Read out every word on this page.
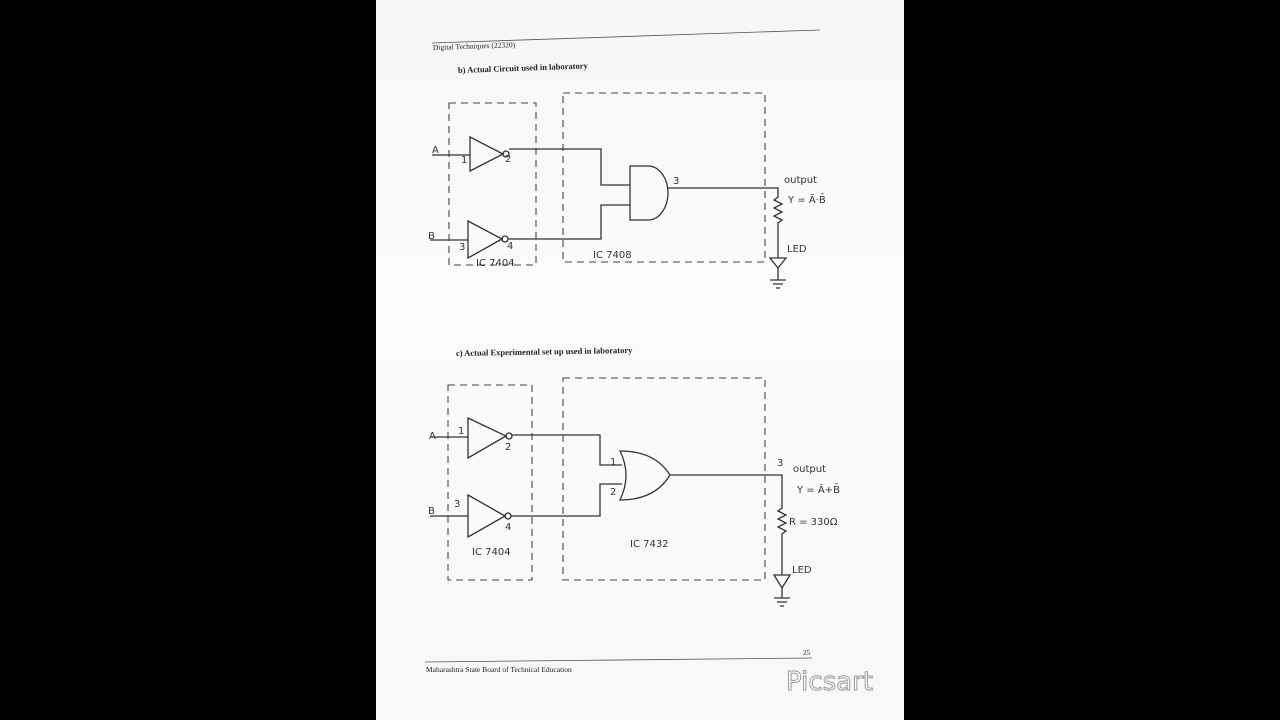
Digital Techniques (22320)
b) Actual Circuit used in laboratory
A
B
1	2
3	4
3
IC 7404
IC 7408
output
Y = Ā·B̄
LED
c) Actual Experimental set up used in laboratory
A
B
1
2
3
4
1
2
3
IC 7404
IC 7432
output
Y = Ā+B̄
R = 330Ω
LED
Maharashtra State Board of Technical Education
25
Picsart
